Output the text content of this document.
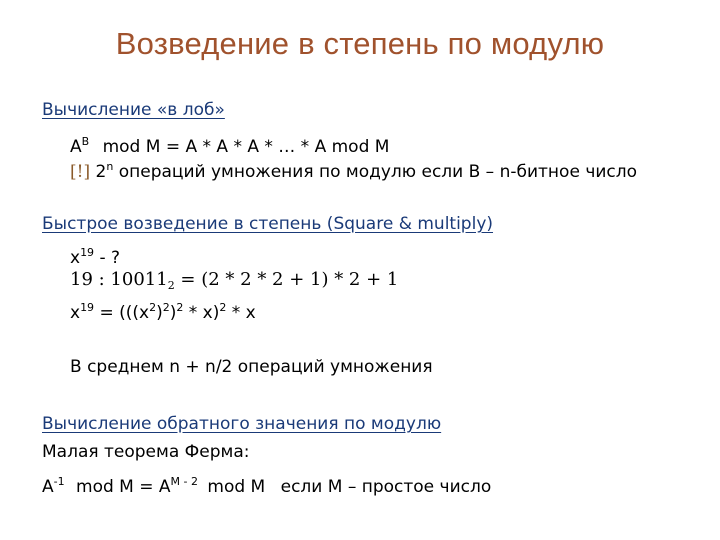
Возведение в степень по модулю
Вычисление «в лоб»
$A^B$ mod M = A * A * A * … * A mod M
[!] 2$^n$ операций умножения по модулю если B – n-битное число
Быстрое возведение в степень (Square & multiply)
$x^{19}$ - ?
19 : $10011_2 = (2 * 2 * 2 + 1) * 2 + 1$
$x^{19} = (((x^2)^2)^2 * x)^2 * x$
В среднем n + n/2 операций умножения
Вычисление обратного значения по модулю
Малая теорема Ферма:
$A^{-1}$ mod $M = A^{M - 2}$ mod M если M – простое число
